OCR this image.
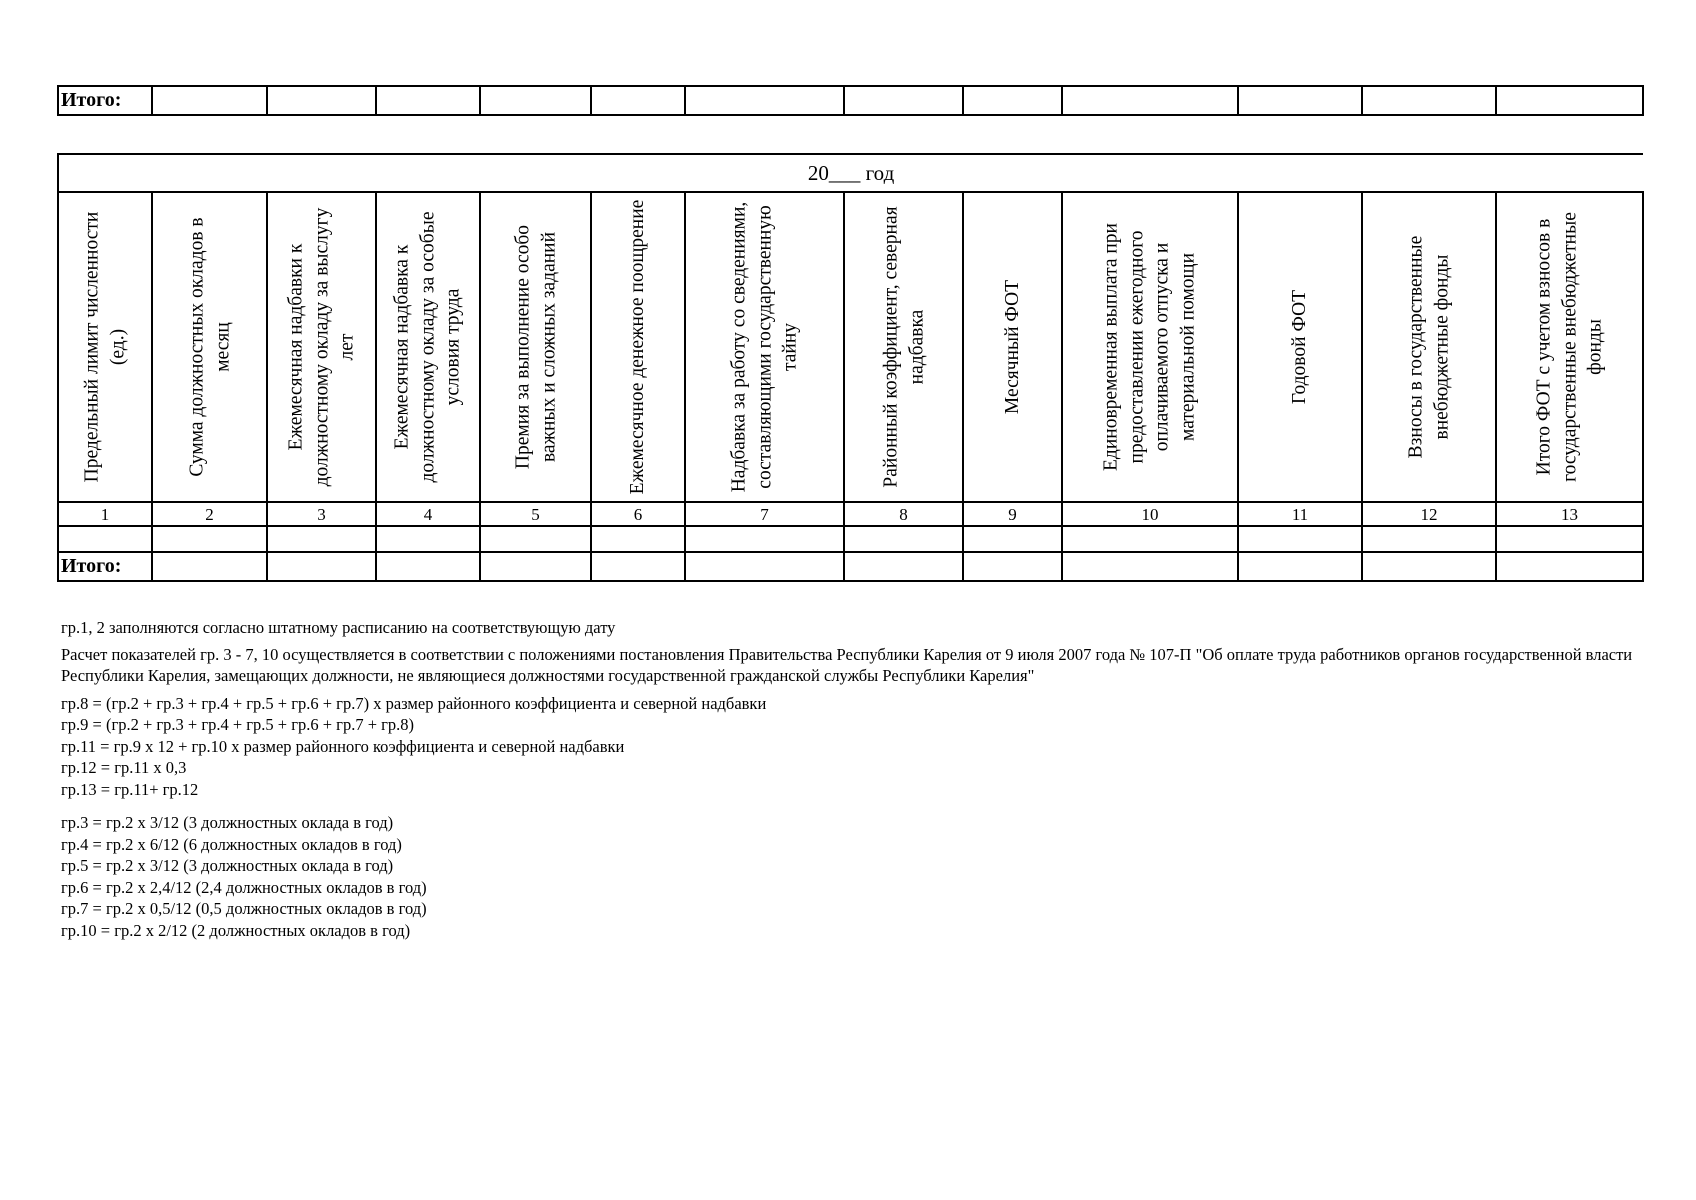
Итого:												
20___ год												

Предельный лимит численности (ед.)	Сумма должностных окладов в месяц	Ежемесячная надбавки к должностному окладу за выслугу лет	Ежемесячная надбавка к должностному окладу за особые условия труда	Премия за выполнение особо важных и сложных заданий	Ежемесячное денежное поощрение	Надбавка за работу со сведениями, составляющими государственную тайну	Районный коэффициент, северная надбавка	Месячный ФОТ	Единовременная выплата при предоставлении ежегодного оплачиваемого отпуска и материальной помощи	Годовой ФОТ	Взносы в государственные внебюджетные фонды	Итого ФОТ с учетом взносов в государственные внебюджетные фонды

1	2	3	4	5	6	7	8	9	10	11	12	13

Итого:												

гр.1, 2 заполняются согласно штатному расписанию на соответствующую дату

Расчет показателей гр. 3 - 7, 10 осуществляется в соответствии с положениями постановления Правительства Республики Карелия от 9 июля 2007 года № 107-П "Об оплате труда работников органов государственной власти Республики Карелия, замещающих должности, не являющиеся должностями государственной гражданской службы Республики Карелия"

гр.8 = (гр.2 + гр.3 + гр.4 + гр.5 + гр.6 + гр.7) х размер районного коэффициента и северной надбавки

гр.9 = (гр.2 + гр.3 + гр.4 + гр.5 + гр.6 + гр.7 + гр.8)

гр.11 = гр.9 х 12 + гр.10 х размер районного коэффициента и северной надбавки

гр.12 = гр.11 х 0,3

гр.13 = гр.11+ гр.12

гр.3 = гр.2 х 3/12 (3 должностных оклада в год)

гр.4 = гр.2 х 6/12 (6 должностных окладов в год)

гр.5 = гр.2 х 3/12 (3 должностных оклада в год)

гр.6 = гр.2 х 2,4/12 (2,4 должностных окладов в год)

гр.7 = гр.2 х 0,5/12 (0,5 должностных окладов в год)

гр.10 = гр.2 х 2/12 (2 должностных окладов в год)
